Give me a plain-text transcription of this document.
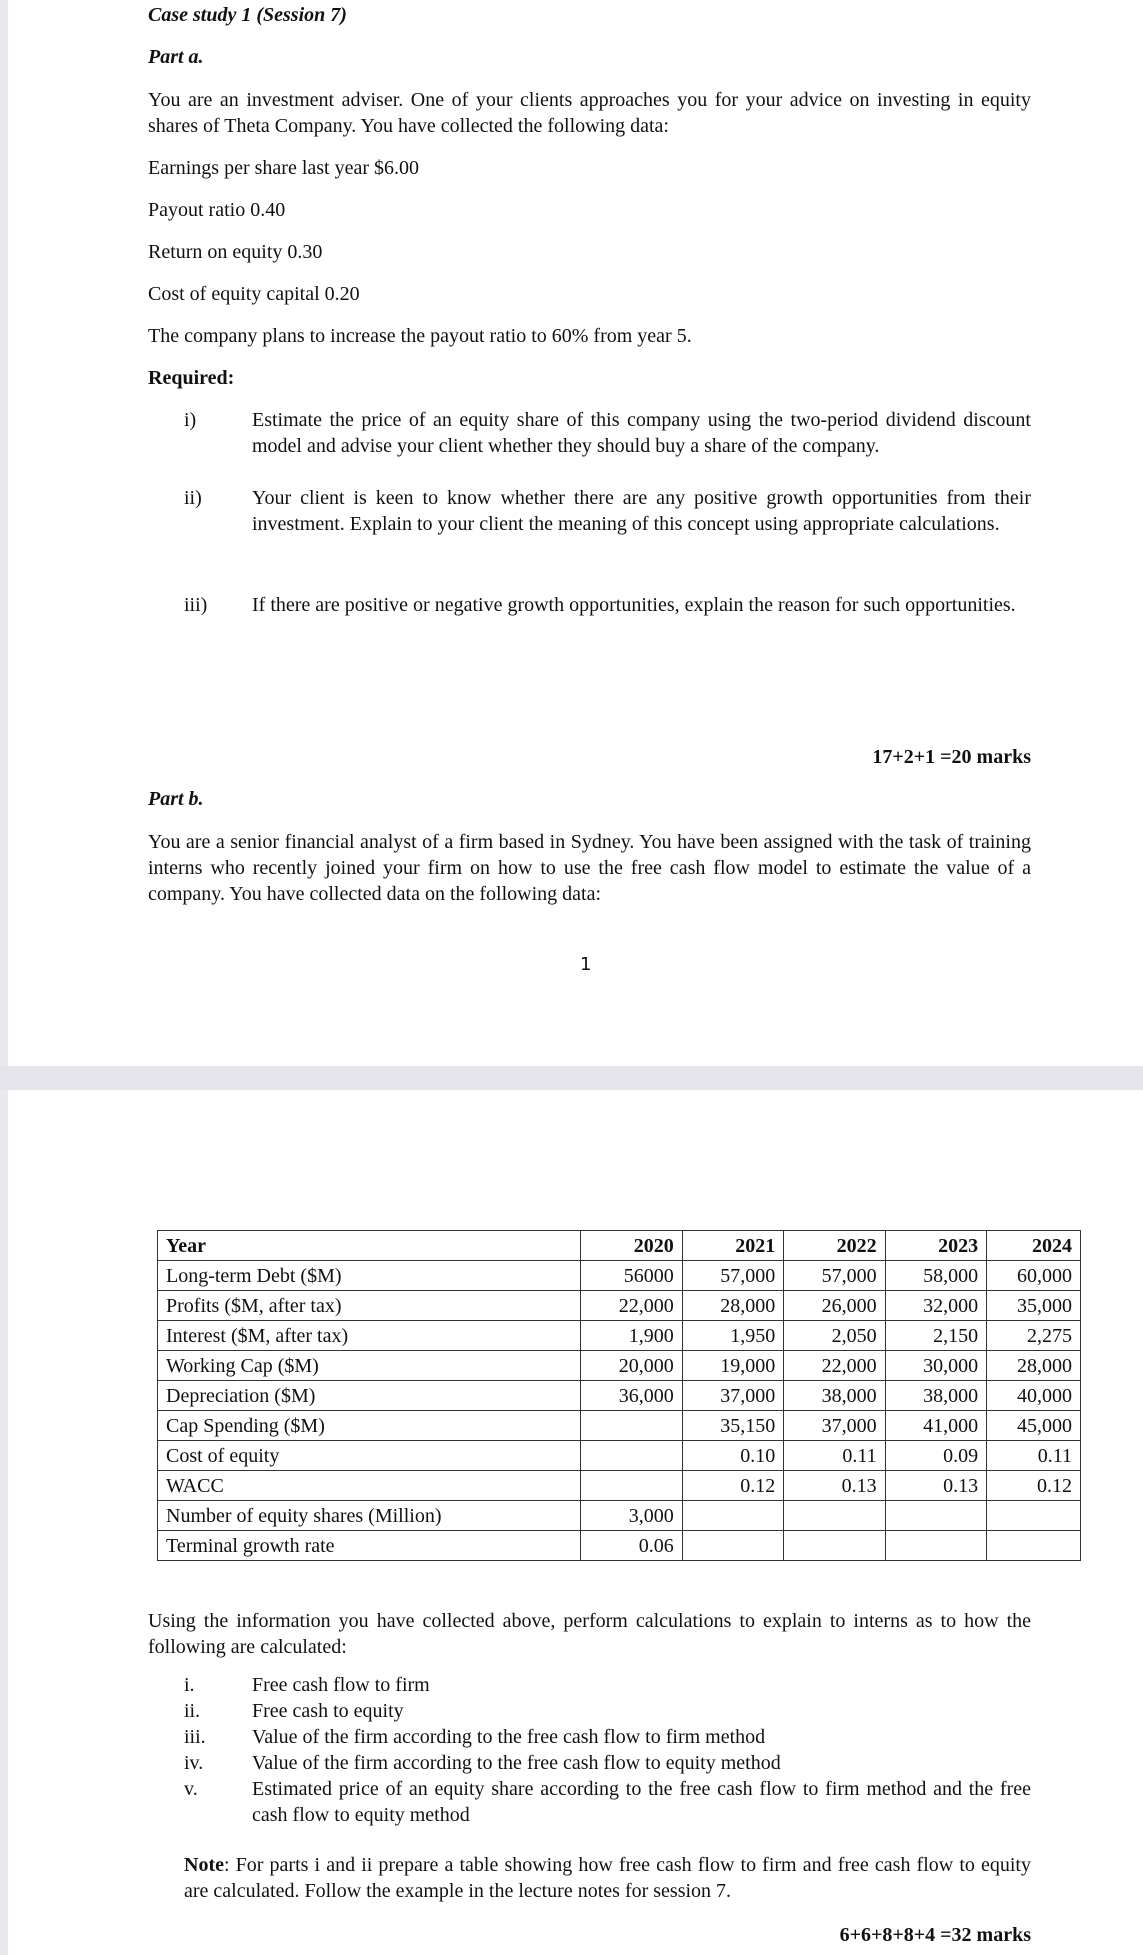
Case study 1 (Session 7)
Part a.
You are an investment adviser. One of your clients approaches you for your advice on investing in equity shares of Theta Company. You have collected the following data:
Earnings per share last year $6.00
Payout ratio 0.40
Return on equity 0.30
Cost of equity capital 0.20
The company plans to increase the payout ratio to 60% from year 5.
Required:
i)	Estimate the price of an equity share of this company using the two-period dividend discount model and advise your client whether they should buy a share of the company.
ii)	Your client is keen to know whether there are any positive growth opportunities from their investment. Explain to your client the meaning of this concept using appropriate calculations.
iii) If there are positive or negative growth opportunities, explain the reason for such opportunities.
17+2+1 =20 marks
Part b.
You are a senior financial analyst of a firm based in Sydney. You have been assigned with the task of training interns who recently joined your firm on how to use the free cash flow model to estimate the value of a company. You have collected data on the following data:
1
Year	2020	2021	2022	2023	2024
Long-term Debt ($M)	56000	57,000	57,000	58,000	60,000
Profits ($M, after tax)	22,000	28,000	26,000	32,000	35,000
Interest ($M, after tax)	1,900	1,950	2,050	2,150	2,275
Working Cap ($M)	20,000	19,000	22,000	30,000	28,000
Depreciation ($M)	36,000	37,000	38,000	38,000	40,000
Cap Spending ($M)		35,150	37,000	41,000	45,000
Cost of equity		0.10	0.11	0.09	0.11
WACC		0.12	0.13	0.13	0.12
Number of equity shares (Million)	3,000				
Terminal growth rate	0.06				
Using the information you have collected above, perform calculations to explain to interns as to how the following are calculated:
i.	Free cash flow to firm
ii.	Free cash to equity
iii. Value of the firm according to the free cash flow to firm method
iv. Value of the firm according to the free cash flow to equity method
v.	Estimated price of an equity share according to the free cash flow to firm method and the free cash flow to equity method
Note: For parts i and ii prepare a table showing how free cash flow to firm and free cash flow to equity are calculated. Follow the example in the lecture notes for session 7.
6+6+8+8+4 =32 marks
